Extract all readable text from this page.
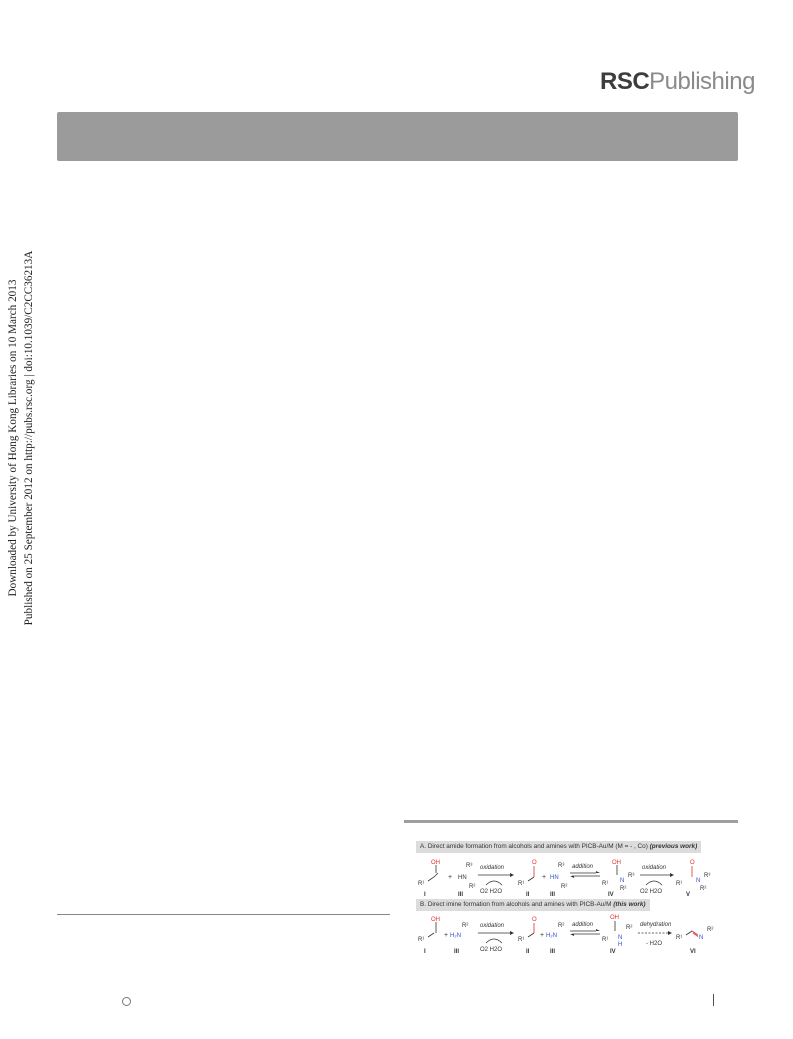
RSCPublishing
Downloaded by University of Hong Kong Libraries on 10 March 2013 Published on 25 September 2012 on http://pubs.rsc.org | doi:10.1039/C2CC36213A
A. Direct amide formation from alcohols and amines with PICB-Au/M (M = - , Co) (previous work)
R¹
OH
I
+ HN
R³
R²
III
oxidation
O2 H2O
R¹
O
II
+ HN
R³
R²
III
addition
R¹
OH
N
R³
R²
IV
oxidation
O2 H2O
R¹
O
N
R³
R²
V
B. Direct imine formation from alcohols and amines with PICB-Au/M (this work)
R¹
OH
I
+ H₂N
R²
III
oxidation
O2 H2O
R¹
O
II
+ H₂N
R²
III
addition
R¹
OH
N
H
R²
IV
dehydration
- H2O
R¹	N
R²
VI
